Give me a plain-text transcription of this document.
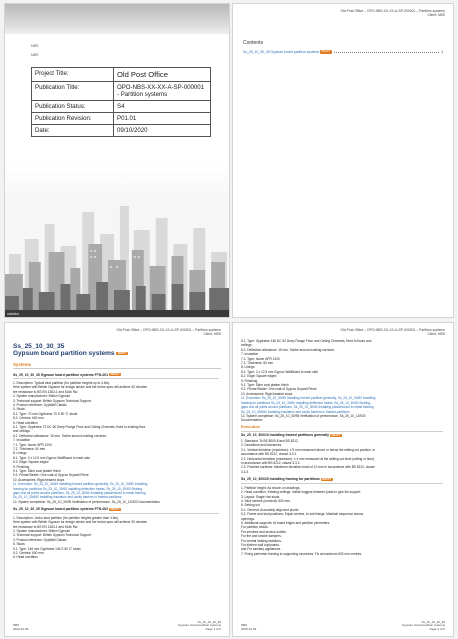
NBS
NBS
Project Title:	Old Post Office
Publication Title:	OPO-NBS-XX-XX-A-SP-000001 - Partition systems
Publication Status:	S4
Publication Revision:	P01.01
Date:	09/10/2020
oxidator
Old Post Office – OPO-NBS-XX-XX-A-SP-000001 – Partition systems
Client: NBS
Contents
Ss_25_10_30_35 Gypsum board partition systems DRAFT	1
Old Post Office – OPO-NBS-XX-XX-A-SP-000001 – Partition systems
Client: NBS
Ss_25_10_30_35
Gypsum board partition systems DRAFT
Systems
Ss_25_10_30_35 Gypsum board partition systems PTN-001 DRAFT
1. Description: Typical stud partition (for partition heights up to 4.5m).
Here system with British Gypsum for design advice and the below spec will achieve 30 minutes
fire resistance to BS EN 1363-1 and 51db Rw.
2. System manufacturer: British Gypsum
3. Technical support: British Gypsum Technical Support
4. Product reference: GypWall Classic
5. Studs
5.1. Type: 70 mm Gypframe 70 S 50 'C' studs
5.2. Centres: 600 mm
6. Head condition
6.1. Type: Gypframe 72 DC 60 Deep Flange Floor and Ceiling Channels, fixed to existing floor
and ceilings.
6.2. Deflection allowance: 15 mm. Scribe around existing cornices.
7. Insulation
7.1. Type: Isover APR 1200
7.2. Thickness: 50 mm
8. Linings
8.1. Type: 2 x 12.5 mm Gyproc WallBoard to each side
8.2. Edge: Square edged
9. Finishing
9.1. Type: Skim coat plaster finish
9.2. Primer/Sealer: One coat of Gyproc Drywall Prime
10. Accessories: Rigid beaded stops
11. Execution: Ss_25_10_30/65 Installing framed partition generally, Ss_25_10_30/60 Installing
framing for partitions Ss_25_10_30/60 Installing deflection heads, Ss_25_10_30/60 Sealing,
gaps and air paths around partitions, Ss_25_10_30/60 Installing plasterboard to metal framing
Ss_25_10_30/660 Installing insulation and cavity barriers in framed partitions
12. System completion: Ss_25_10_30/95 Verification of performance, Ss_25_10_12/920 Documentation
Ss_25_10_30_35 Gypsum board partition systems PTN-002 DRAFT
1. Description: Junior stud partition (for partition heights greater than 4.5m).
Here system with British Gypsum for design advice and the below spec will achieve 30 minutes
fire resistance to BS EN 1363-1 and 51db Rw.
2. System manufacturer: British Gypsum
3. Technical support: British Gypsum Technical Support
4. Product reference: GypWall Classic
5. Studs
5.1. Type: 146 mm Gypframe 146 S 50 'C' studs
5.2. Centres: 600 mm
6. Head condition
NBS
2020-10-09
Ss_25_10_30_35
Gypsum board partition systems
Page 1 of 6
Old Post Office – OPO-NBS-XX-XX-A-SP-000001 – Partition systems
Client: NBS
6.1. Type: Gypframe 146 DC 50 Deep Flange Floor and Ceiling Channels, fixed to floors and
ceilings.
6.2. Deflection allowance: 15 mm. Scribe around existing cornices.
7. Insulation
7.1. Type: Isover APR 1200
7.2. Thickness: 50 mm
8. Linings
8.1. Type: 2 x 12.5 mm Gyproc WallBoard to each side
8.2. Edge: Square edged
9. Finishing
9.1. Type: Skim coat plaster finish
9.2. Primer/Sealer: One coat of Gyproc Drywall Prime
10. Accessories: Rigid beaded stops
11. Execution: Ss_25_10_30/65 Installing framed partition generally, Ss_25_10_30/60 Installing
framing for partitions Ss_25_10_30/60 Installing deflection heads, Ss_25_10_30/60 Sealing,
gaps and air paths around partitions, Ss_25_10_30/60 Installing plasterboard to metal framing
Ss_25_10_30/660 Installing insulation and cavity barriers in framed partitions
12. System completion: Ss_25_10_30/95 Verification of performance, Ss_25_10_12/920
Documentation
Execution
Ss_25_10_30/010 Installing framed partitions generally DRAFT
1. Standard: To BS 8000-8 and BS 8212.
2. Deviations and tolerances
2.1. Vertical deviation (maximum): ± 5 mm measured above or below the setting out position, in
accordance with BS 8212, clause 3.3.2.
2.2. Horizontal deviation (maximum): ± 4 mm measured at the setting out level (ceiling or floor),
in accordance with BS 8212, clause 3.3.2.
2.3. Finished surfaces: Maximum deviation band of 10 mm in accordance with BS 8212, clause
3.3.3.
Ss_25_10_30/020 Installing framing for partitions DRAFT
1. Partition height: As shown on drawings.
2. Head condition: Existing ceilings. Install noggins between joists to give full support.
3. Layout: Single row studs.
4. Stud centres (nominal): 600 mm.
5. Setting out
5.1. General: Accurately align and plumb.
5.2. Frame and stud positions: Equal centres, to suit linings. Maintain sequence across
openings.
6. Additional supports: At board edges and partition perimeters:
For partition heads.
For services and service outlets.
For fire and smoke dampers.
For central heating radiators.
For kitchen wall cupboards.
and For sanitary appliances.
7. Fixing perimeter framing to supporting structures: Fix at maximum 600 mm centres.
NBS
2020-10-09
Ss_25_10_30_35
Gypsum board partition systems
Page 2 of 6
